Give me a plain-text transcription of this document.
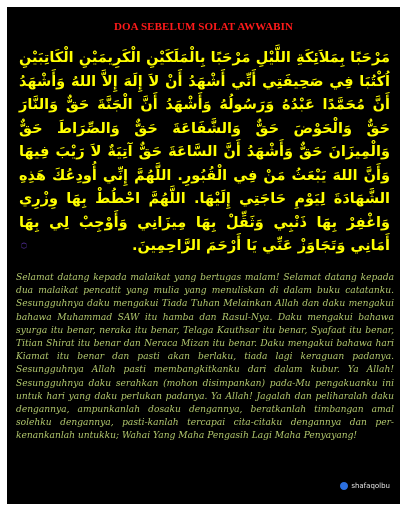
DOA SEBELUM SOLAT AWWABIN
مَرْحَبًا بِمَلاَئِكَةِ اللَّيْلِ مَرْحَبًا بِالْمَلَكَيْنِ الْكَرِيمَيْنِ الْكَاتِبَيْنِ اُكْتُبَا فِي صَحِيفَتِي أَنِّي أَشْهَدُ أَنْ لاَ إِلَهَ إِلاَّ اللهُ وَأَشْهَدُ أَنَّ مُحَمَّدًا عَبْدُهُ وَرَسُولُهُ وَأَشْهَدُ أَنَّ الْجَنَّةَ حَقٌّ وَالنَّارَ حَقٌّ وَالْحَوْضَ حَقٌّ وَالشَّفَاعَةَ حَقٌّ وَالصِّرَاطَ حَقٌّ وَالْمِيزَانَ حَقٌّ وَأَشْهَدُ أَنَّ السَّاعَةَ حَقٌّ آتِيَةٌ لاَ رَيْبَ فِيهَا وَأَنَّ اللهَ يَبْعَثُ مَنْ فِي الْقُبُورِ. اللَّهُمَّ إِنِّي أُودِعُكَ هَذِهِ الشَّهَادَةَ لِيَوْمِ حَاجَتِي إِلَيْهَا. اللَّهُمَّ احْطُطْ بِهَا وِزْرِي وَاغْفِرْ بِهَا ذَنْبِي وَثَقِّلْ بِهَا مِيزَانِي وَأَوْجِبْ لِي بِهَا أَمَانِي وَتَجَاوَزْ عَنِّي يَا أَرْحَمَ الرَّاحِمِينَ.
۝
Selamat datang kepada malaikat yang bertugas malam! Selamat datang kepada dua malaikat pencatit yang mulia yang menuliskan di dalam buku catatanku. Sesungguhnya daku mengakui Tiada Tuhan Melainkan Allah dan daku mengakui bahawa Muhammad SAW itu hamba dan Rasul-Nya. Daku mengakui bahawa syurga itu benar, neraka itu benar, Telaga Kauthsar itu benar, Syafaat itu benar, Titian Shirat itu benar dan Neraca Mizan itu benar. Daku mengakui bahawa hari Kiamat itu benar dan pasti akan berlaku, tiada lagi keraguan padanya. Sesungguhnya Allah pasti membangkitkanku dari dalam kubur. Ya Allah! Sesungguhnya daku serahkan (mohon disimpankan) pada-Mu pengakuanku ini untuk hari yang daku perlukan padanya. Ya Allah! Jagalah dan peliharalah daku dengannya, ampunkanlah dosaku dengannya, beratkanlah timbangan amal solehku dengannya, pasti-kanlah tercapai cita-citaku dengannya dan per-kenankanlah untukku; Wahai Yang Maha Pengasih Lagi Maha Penyayang!
shafaqolbu
